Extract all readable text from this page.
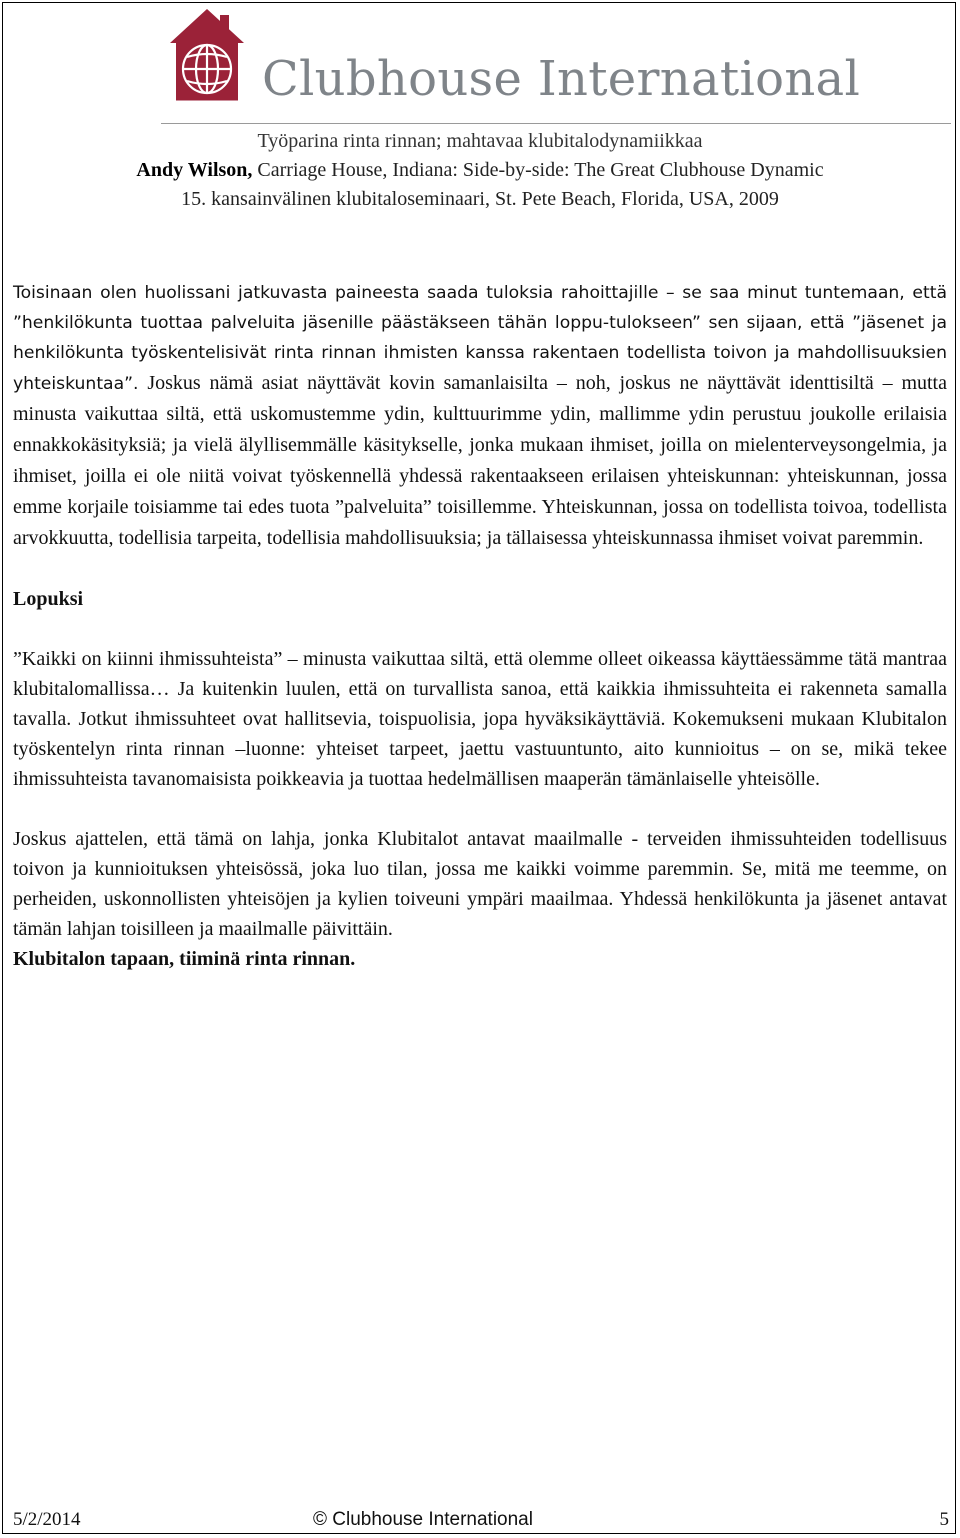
Clubhouse International
Työparina rinta rinnan; mahtavaa klubitalodynamiikkaa
Andy Wilson, Carriage House, Indiana: Side-by-side: The Great Clubhouse Dynamic
15. kansainvälinen klubitaloseminaari, St. Pete Beach, Florida, USA, 2009

Toisinaan olen huolissani jatkuvasta paineesta saada tuloksia rahoittajille – se saa minut tuntemaan, että ”henkilökunta tuottaa palveluita jäsenille päästäkseen tähän loppu-tulokseen” sen sijaan, että ”jäsenet ja henkilökunta työskentelisivät rinta rinnan ihmisten kanssa rakentaen todellista toivon ja mahdollisuuksien yhteiskuntaa”. Joskus nämä asiat näyttävät kovin samanlaisilta – noh, joskus ne näyttävät identtisiltä – mutta minusta vaikuttaa siltä, että uskomustemme ydin, kulttuurimme ydin, mallimme ydin perustuu joukolle erilaisia ennakkokäsityksiä; ja vielä älyllisemmälle käsitykselle, jonka mukaan ihmiset, joilla on mielenterveysongelmia, ja ihmiset, joilla ei ole niitä voivat työskennellä yhdessä rakentaakseen erilaisen yhteiskunnan: yhteiskunnan, jossa emme korjaile toisiamme tai edes tuota ”palveluita” toisillemme. Yhteiskunnan, jossa on todellista toivoa, todellista arvokkuutta, todellisia tarpeita, todellisia mahdollisuuksia; ja tällaisessa yhteiskunnassa ihmiset voivat paremmin.

Lopuksi

”Kaikki on kiinni ihmissuhteista” – minusta vaikuttaa siltä, että olemme olleet oikeassa käyttäessämme tätä mantraa klubitalomallissa… Ja kuitenkin luulen, että on turvallista sanoa, että kaikkia ihmissuhteita ei rakenneta samalla tavalla. Jotkut ihmissuhteet ovat hallitsevia, toispuolisia, jopa hyväksikäyttäviä. Kokemukseni mukaan Klubitalon työskentelyn rinta rinnan –luonne: yhteiset tarpeet, jaettu vastuuntunto, aito kunnioitus – on se, mikä tekee ihmissuhteista tavanomaisista poikkeavia ja tuottaa hedelmällisen maaperän tämänlaiselle yhteisölle.

Joskus ajattelen, että tämä on lahja, jonka Klubitalot antavat maailmalle - terveiden ihmissuhteiden todellisuus toivon ja kunnioituksen yhteisössä, joka luo tilan, jossa me kaikki voimme paremmin. Se, mitä me teemme, on perheiden, uskonnollisten yhteisöjen ja kylien toiveuni ympäri maailmaa. Yhdessä henkilökunta ja jäsenet antavat tämän lahjan toisilleen ja maailmalle päivittäin.

Klubitalon tapaan, tiiminä rinta rinnan.

5/2/2014	© Clubhouse International	5
